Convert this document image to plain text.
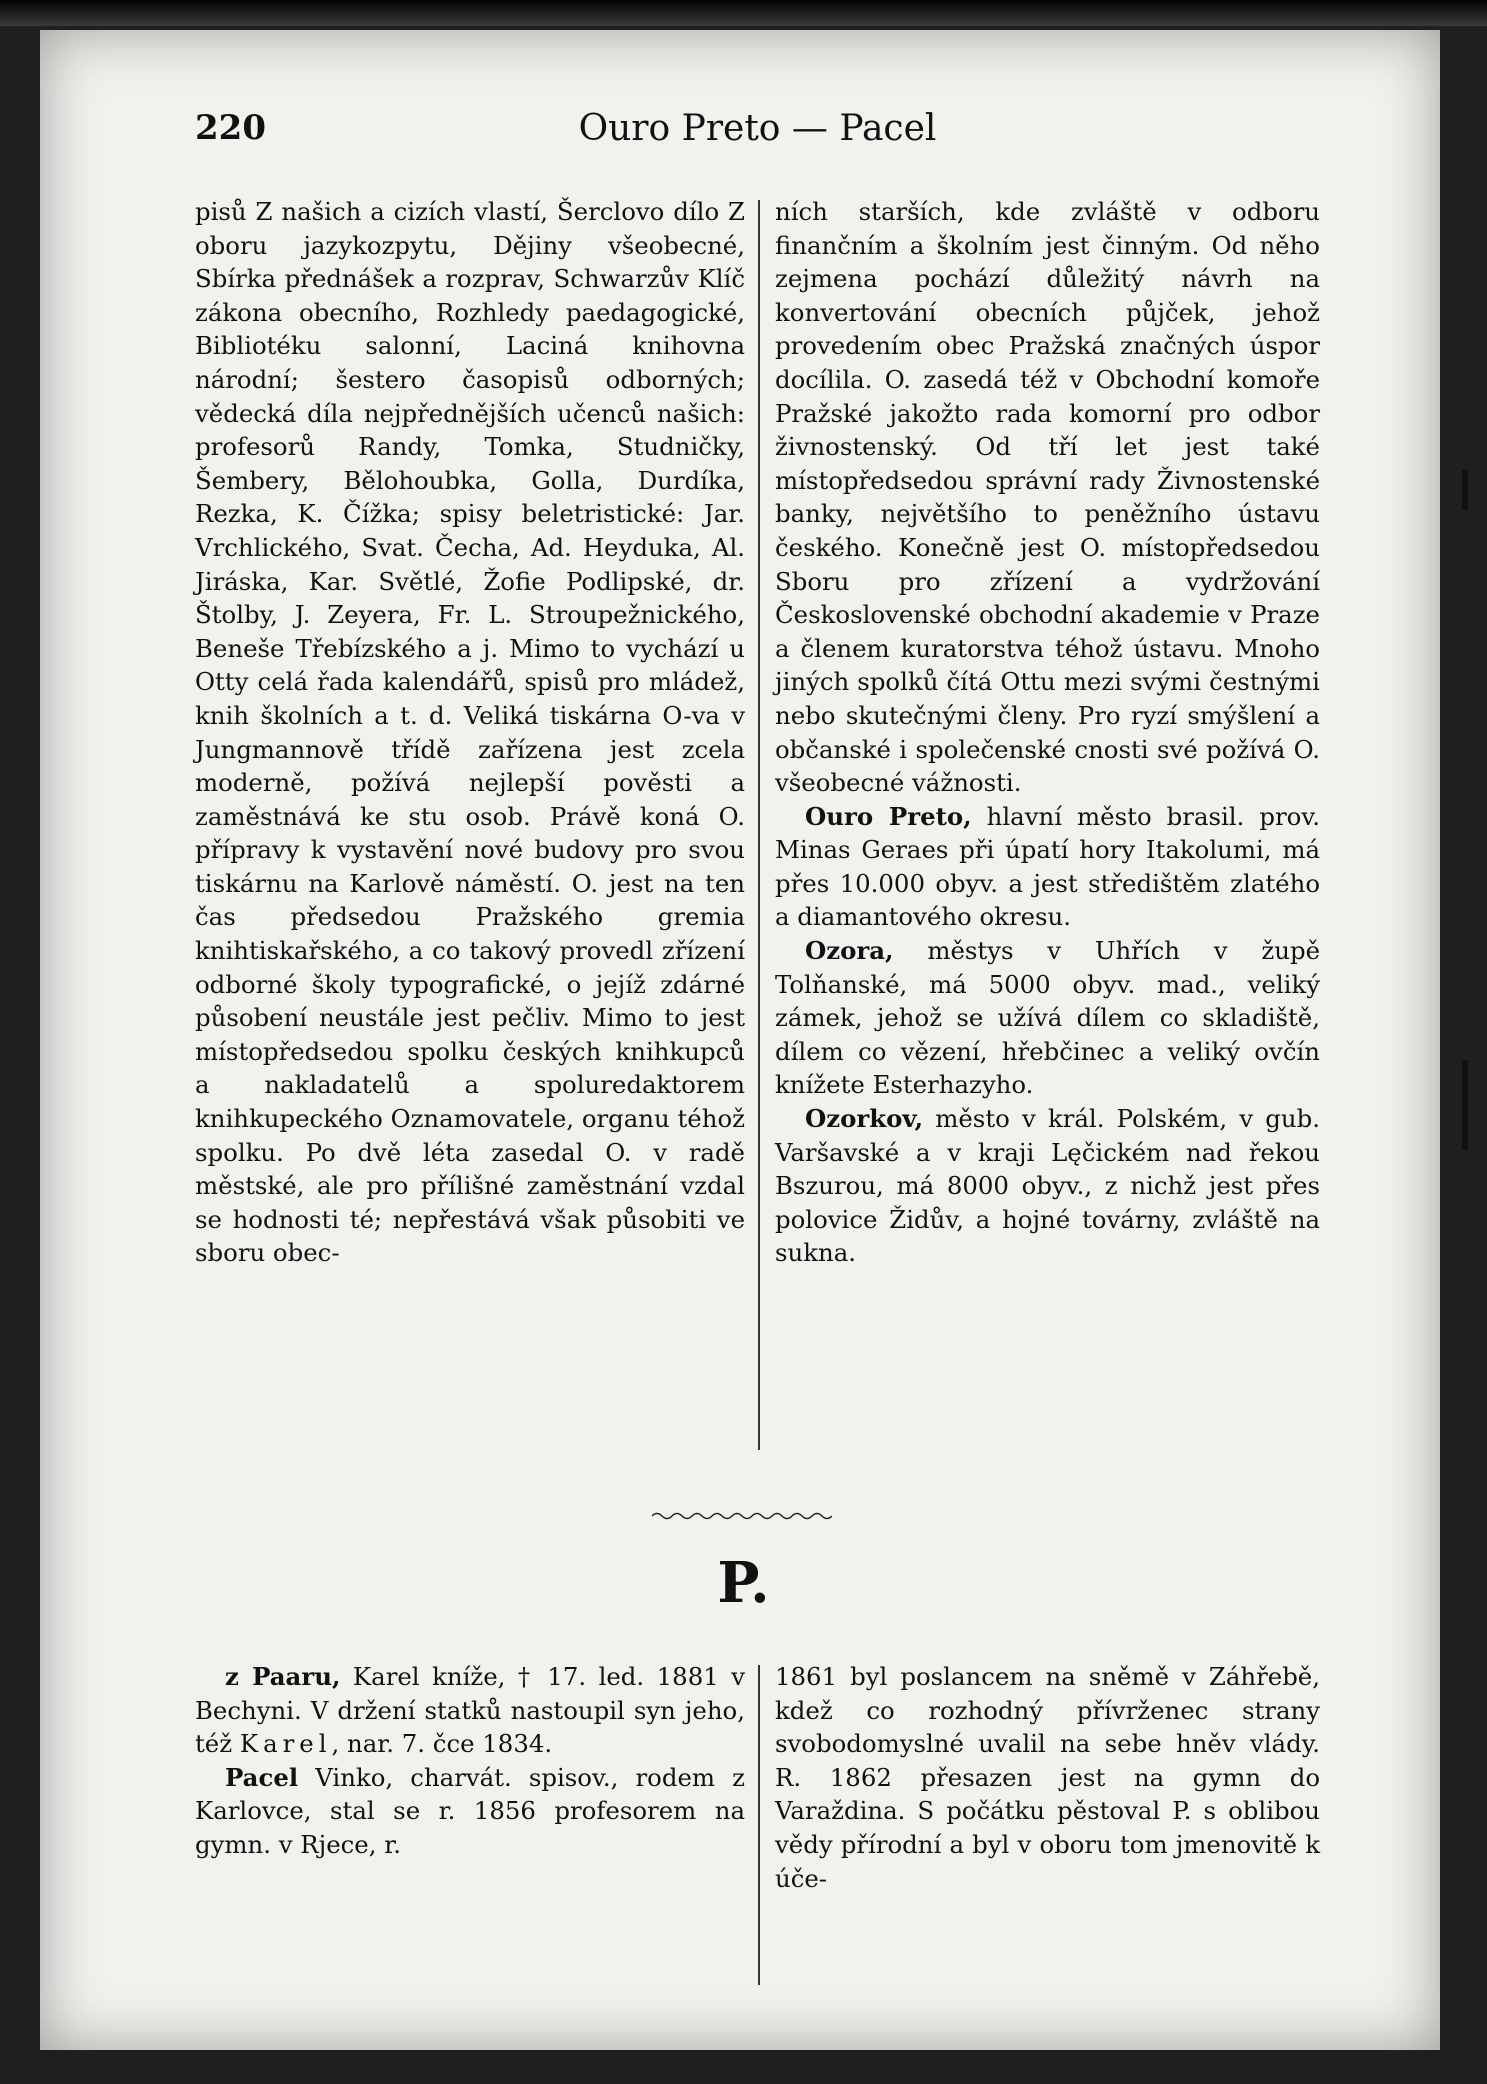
220	Ouro Preto — Pacel

pisů Z našich a cizích vlastí, Šerclovo dílo Z oboru jazykozpytu, Dějiny všeobecné, Sbírka přednášek a rozprav, Schwarzův Klíč zákona obecního, Rozhledy paedagogické, Bibliotéku salonní, Laciná knihovna národní; šestero časopisů odborných; vědecká díla nejpřednějších učenců našich: profesorů Randy, Tomka, Studničky, Šembery, Bělohoubka, Golla, Durdíka, Rezka, K. Čížka; spisy beletristické: Jar. Vrchlického, Svat. Čecha, Ad. Heyduka, Al. Jiráska, Kar. Světlé, Žofie Podlipské, dr. Štolby, J. Zeyera, Fr. L. Stroupežnického, Beneše Třebízského a j. Mimo to vychází u Otty celá řada kalendářů, spisů pro mládež, knih školních a t. d. Veliká tiskárna O-va v Jungmannově třídě zařízena jest zcela moderně, požívá nejlepší pověsti a zaměstnává ke stu osob. Právě koná O. přípravy k vystavění nové budovy pro svou tiskárnu na Karlově náměstí. O. jest na ten čas předsedou Pražského gremia knihtiskařského, a co takový provedl zřízení odborné školy typografické, o jejíž zdárné působení neustále jest pečliv. Mimo to jest místopředsedou spolku českých knihkupců a nakladatelů a spoluredaktorem knihkupeckého Oznamovatele, organu téhož spolku. Po dvě léta zasedal O. v radě městské, ale pro přílišné zaměstnání vzdal se hodnosti té; nepřestává však působiti ve sboru obec-

ních starších, kde zvláště v odboru finančním a školním jest činným. Od něho zejmena pochází důležitý návrh na konvertování obecních půjček, jehož provedením obec Pražská značných úspor docílila. O. zasedá též v Obchodní komoře Pražské jakožto rada komorní pro odbor živnostenský. Od tří let jest také místopředsedou správní rady Živnostenské banky, největšího to peněžního ústavu českého. Konečně jest O. místopředsedou Sboru pro zřízení a vydržování Československé obchodní akademie v Praze a členem kuratorstva téhož ústavu. Mnoho jiných spolků čítá Ottu mezi svými čestnými nebo skutečnými členy. Pro ryzí smýšlení a občanské i společenské cnosti své požívá O. všeobecné vážnosti.

Ouro Preto, hlavní město brasil. prov. Minas Geraes při úpatí hory Itakolumi, má přes 10.000 obyv. a jest středištěm zlatého a diamantového okresu.

Ozora, městys v Uhřích v župě Tolňanské, má 5000 obyv. mad., veliký zámek, jehož se užívá dílem co skladiště, dílem co vězení, hřebčinec a veliký ovčín knížete Esterhazyho.

Ozorkov, město v král. Polském, v gub. Varšavské a v kraji Lęčickém nad řekou Bszurou, má 8000 obyv., z nichž jest přes polovice Židův, a hojné továrny, zvláště na sukna.

P.

z Paaru, Karel kníže, † 17. led. 1881 v Bechyni. V držení statků nastoupil syn jeho, též Karel, nar. 7. čce 1834.

Pacel Vinko, charvát. spisov., rodem z Karlovce, stal se r. 1856 profesorem na gymn. v Rjece, r.

1861 byl poslancem na sněmě v Záhřebě, kdež co rozhodný přívrženec strany svobodomyslné uvalil na sebe hněv vlády. R. 1862 přesazen jest na gymn do Varaždina. S počátku pěstoval P. s oblibou vědy přírodní a byl v oboru tom jmenovitě k úče-
